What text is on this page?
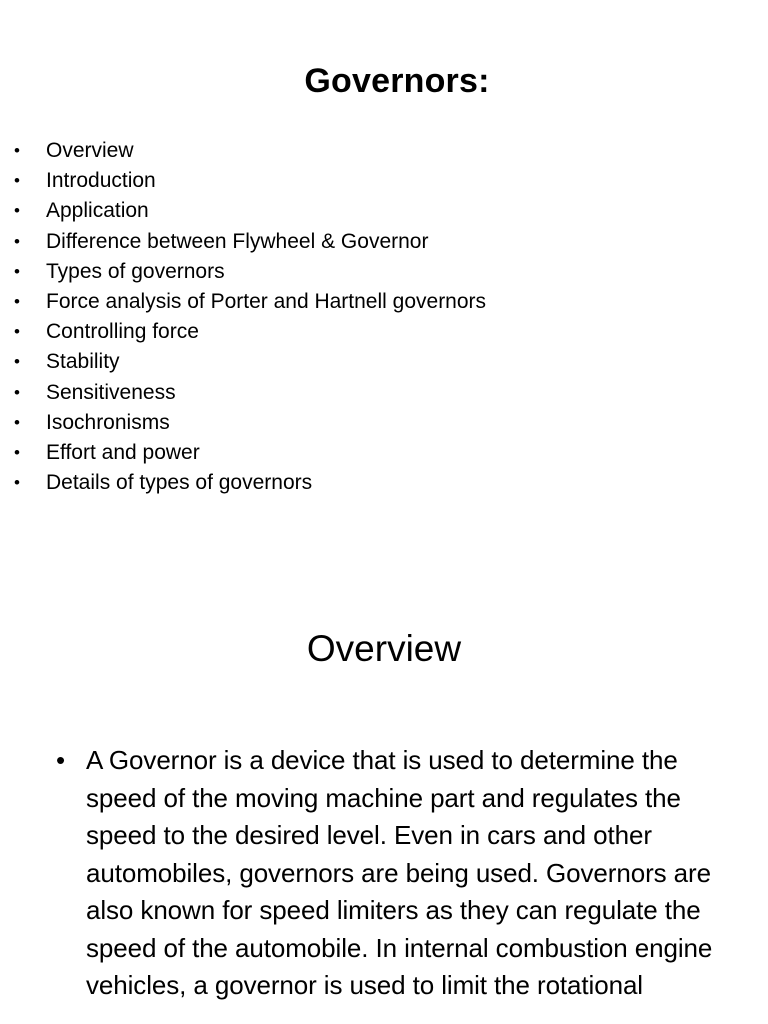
Governors:
• Overview
• Introduction
• Application
• Difference between Flywheel & Governor
• Types of governors
• Force analysis of Porter and Hartnell governors
• Controlling force
• Stability
• Sensitiveness
• Isochronisms
• Effort and power
• Details of types of governors
Overview
• A Governor is a device that is used to determine the speed of the moving machine part and regulates the speed to the desired level. Even in cars and other automobiles, governors are being used. Governors are also known for speed limiters as they can regulate the speed of the automobile. In internal combustion engine vehicles, a governor is used to limit the rotational
